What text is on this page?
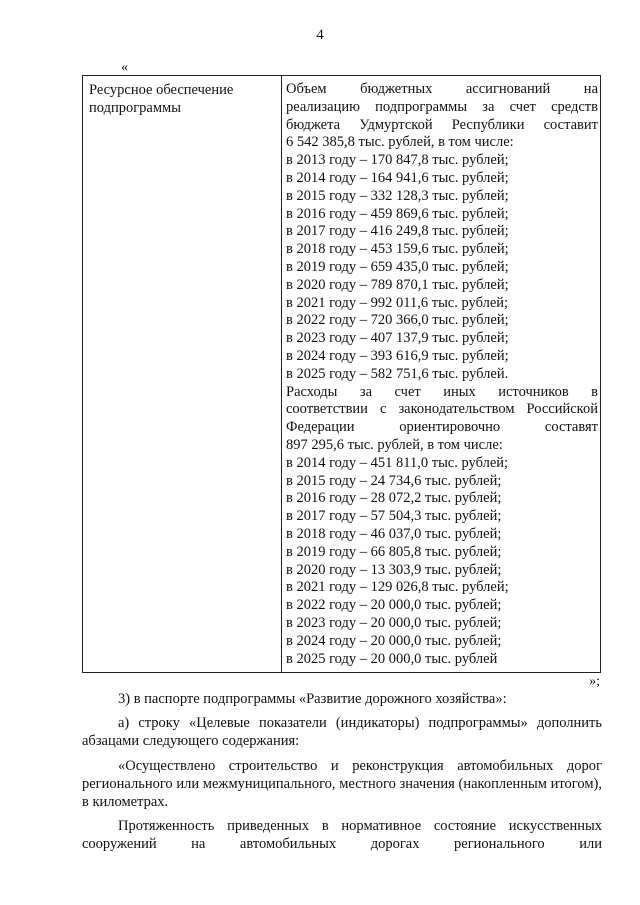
4
«
Ресурсное обеспечение подпрограммы
Объем бюджетных ассигнований на
реализацию подпрограммы за счет средств
бюджета Удмуртской Республики составит
6 542 385,8 тыс. рублей, в том числе:
в 2013 году – 170 847,8 тыс. рублей;
в 2014 году – 164 941,6 тыс. рублей;
в 2015 году – 332 128,3 тыс. рублей;
в 2016 году – 459 869,6 тыс. рублей;
в 2017 году – 416 249,8 тыс. рублей;
в 2018 году – 453 159,6 тыс. рублей;
в 2019 году – 659 435,0 тыс. рублей;
в 2020 году – 789 870,1 тыс. рублей;
в 2021 году – 992 011,6 тыс. рублей;
в 2022 году – 720 366,0 тыс. рублей;
в 2023 году – 407 137,9 тыс. рублей;
в 2024 году – 393 616,9 тыс. рублей;
в 2025 году – 582 751,6 тыс. рублей.
Расходы за счет иных источников в
соответствии с законодательством Российской
Федерации ориентировочно составят
897 295,6 тыс. рублей, в том числе:
в 2014 году – 451 811,0 тыс. рублей;
в 2015 году – 24 734,6 тыс. рублей;
в 2016 году – 28 072,2 тыс. рублей;
в 2017 году – 57 504,3 тыс. рублей;
в 2018 году – 46 037,0 тыс. рублей;
в 2019 году – 66 805,8 тыс. рублей;
в 2020 году – 13 303,9 тыс. рублей;
в 2021 году – 129 026,8 тыс. рублей;
в 2022 году – 20 000,0 тыс. рублей;
в 2023 году – 20 000,0 тыс. рублей;
в 2024 году – 20 000,0 тыс. рублей;
в 2025 году – 20 000,0 тыс. рублей
»;

3) в паспорте подпрограммы «Развитие дорожного хозяйства»:

а) строку «Целевые показатели (индикаторы) подпрограммы» дополнить

абзацами следующего содержания:

«Осуществлено строительство и реконструкция автомобильных дорог регионального или межмуниципального, местного значения (накопленным итогом), в километрах.

Протяженность приведенных в нормативное состояние искусственных
сооружений на автомобильных дорогах регионального или
